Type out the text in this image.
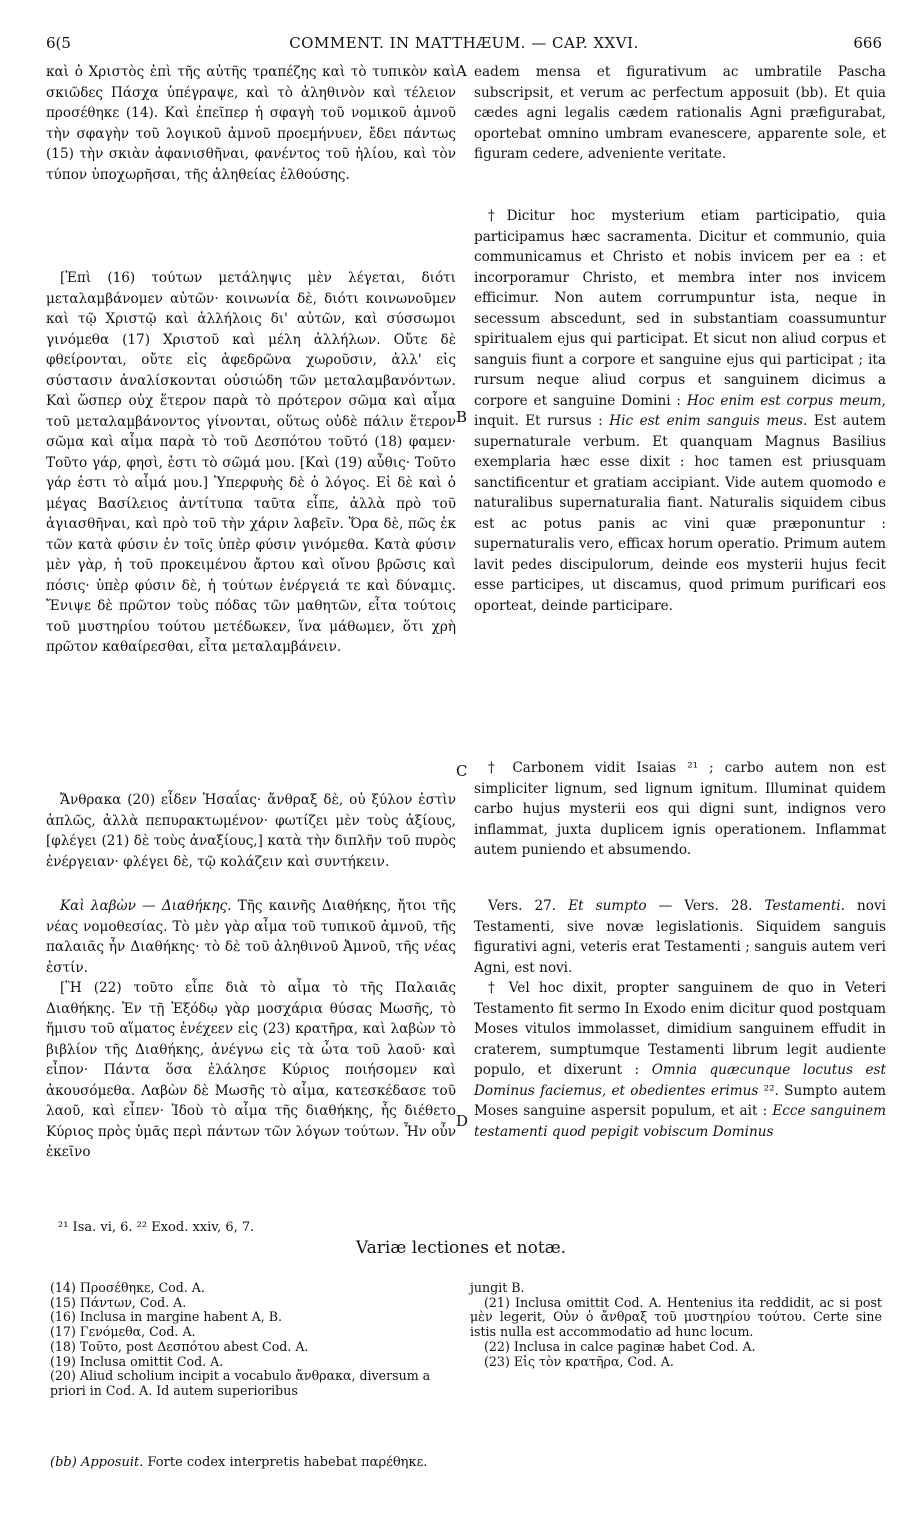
6(5	COMMENT. IN MATTHÆUM. — CAP. XXVI.	666

καὶ ὁ Χριστὸς ἐπὶ τῆς αὐτῆς τραπέζης καὶ τὸ τυπικὸν καὶ σκιῶδες Πάσχα ὑπέγραψε, καὶ τὸ ἀληθινὸν καὶ τέλειον προσέθηκε (14). Καὶ ἐπεῖπερ ἡ σφαγὴ τοῦ νομικοῦ ἀμνοῦ τὴν σφαγὴν τοῦ λογικοῦ ἀμνοῦ προεμήνυεν, ἔδει πάντως (15) τὴν σκιὰν ἀφανισθῆναι, φανέντος τοῦ ἡλίου, καὶ τὸν τύπον ὑποχωρῆσαι, τῆς ἀληθείας ἐλθούσης.

[Ἐπὶ (16) τούτων μετάληψις μὲν λέγεται, διότι μεταλαμβάνομεν αὐτῶν· κοινωνία δὲ, διότι κοινωνοῦμεν καὶ τῷ Χριστῷ καὶ ἀλλήλοις δι' αὐτῶν, καὶ σύσσωμοι γινόμεθα (17) Χριστοῦ καὶ μέλη ἀλλήλων. Οὔτε δὲ φθείρονται, οὔτε εἰς ἀφεδρῶνα χωροῦσιν, ἀλλ' εἰς σύστασιν ἀναλίσκονται οὐσιώδη τῶν μεταλαμβανόντων. Καὶ ὥσπερ οὐχ ἕτερον παρὰ τὸ πρότερον σῶμα καὶ αἷμα τοῦ μεταλαμβάνοντος γίνονται, οὕτως οὐδὲ πάλιν ἕτερον σῶμα καὶ αἷμα παρὰ τὸ τοῦ Δεσπότου τοῦτό (18) φαμεν· Τοῦτο γάρ, φησὶ, ἐστι τὸ σῶμά μου. [Καὶ (19) αὖθις· Τοῦτο γάρ ἐστι τὸ αἷμά μου.] Ὑπερφυὴς δὲ ὁ λόγος. Εἰ δὲ καὶ ὁ μέγας Βασίλειος ἀντίτυπα ταῦτα εἶπε, ἀλλὰ πρὸ τοῦ ἁγιασθῆναι, καὶ πρὸ τοῦ τὴν χάριν λαβεῖν. Ὅρα δὲ, πῶς ἐκ τῶν κατὰ φύσιν ἐν τοῖς ὑπὲρ φύσιν γινόμεθα. Κατὰ φύσιν μὲν γὰρ, ἡ τοῦ προκειμένου ἄρτου καὶ οἴνου βρῶσις καὶ πόσις· ὑπὲρ φύσιν δὲ, ἡ τούτων ἐνέργειά τε καὶ δύναμις. Ἔνιψε δὲ πρῶτον τοὺς πόδας τῶν μαθητῶν, εἶτα τούτοις τοῦ μυστηρίου τούτου μετέδωκεν, ἵνα μάθωμεν, ὅτι χρὴ πρῶτον καθαίρεσθαι, εἶτα μεταλαμβάνειν.

Ἄνθρακα (20) εἶδεν Ἡσαΐας· ἄνθραξ δὲ, οὐ ξύλον ἐστὶν ἁπλῶς, ἀλλὰ πεπυρακτωμένον· φωτίζει μὲν τοὺς ἀξίους, [φλέγει (21) δὲ τοὺς ἀναξίους,] κατὰ τὴν διπλῆν τοῦ πυρὸς ἐνέργειαν· φλέγει δὲ, τῷ κολάζειν καὶ συντήκειν.

Καὶ λαβὼν — Διαθήκης. Τῆς καινῆς Διαθήκης, ἤτοι τῆς νέας νομοθεσίας. Τὸ μὲν γὰρ αἷμα τοῦ τυπικοῦ ἀμνοῦ, τῆς παλαιᾶς ἦν Διαθήκης· τὸ δὲ τοῦ ἀληθινοῦ Ἀμνοῦ, τῆς νέας ἐστίν.

[Ἢ (22) τοῦτο εἶπε διὰ τὸ αἷμα τὸ τῆς Παλαιᾶς Διαθήκης. Ἐν τῇ Ἐξόδῳ γὰρ μοσχάρια θύσας Μωσῆς, τὸ ἥμισυ τοῦ αἵματος ἐνέχεεν εἰς (23) κρατῆρα, καὶ λαβὼν τὸ βιβλίον τῆς Διαθήκης, ἀνέγνω εἰς τὰ ὦτα τοῦ λαοῦ· καὶ εἶπον· Πάντα ὅσα ἐλάλησε Κύριος ποιήσομεν καὶ ἀκουσόμεθα. Λαβὼν δὲ Μωσῆς τὸ αἷμα, κατεσκέδασε τοῦ λαοῦ, καὶ εἶπεν· Ἰδοὺ τὸ αἷμα τῆς διαθήκης, ἧς διέθετο Κύριος πρὸς ὑμᾶς περὶ πάντων τῶν λόγων τούτων. Ἦν οὖν ἐκεῖνο

A
B
C
D

eadem mensa et figurativum ac umbratile Pascha subscripsit, et verum ac perfectum apposuit (bb). Et quia cædes agni legalis cædem rationalis Agni præfigurabat, oportebat omnino umbram evanescere, apparente sole, et figuram cedere, adveniente veritate.

†Dicitur hoc mysterium etiam participatio, quia participamus hæc sacramenta. Dicitur et communio, quia communicamus et Christo et nobis invicem per ea : et incorporamur Christo, et membra inter nos invicem efficimur. Non autem corrumpuntur ista, neque in secessum abscedunt, sed in substantiam coassumuntur spiritualem ejus qui participat. Et sicut non aliud corpus et sanguis fiunt a corpore et sanguine ejus qui participat ; ita rursum neque aliud corpus et sanguinem dicimus a corpore et sanguine Domini : Hoc enim est corpus meum, inquit. Et rursus : Hic est enim sanguis meus. Est autem supernaturale verbum. Et quanquam Magnus Basilius exemplaria hæc esse dixit : hoc tamen est priusquam sanctificentur et gratiam accipiant. Vide autem quomodo e naturalibus supernaturalia fiant. Naturalis siquidem cibus est ac potus panis ac vini quæ præponuntur : supernaturalis vero, efficax horum operatio. Primum autem lavit pedes discipulorum, deinde eos mysterii hujus fecit esse participes, ut discamus, quod primum purificari eos oporteat, deinde participare.

† Carbonem vidit Isaias ²¹ ; carbo autem non est simpliciter lignum, sed lignum ignitum. Illuminat quidem carbo hujus mysterii eos qui digni sunt, indignos vero inflammat, juxta duplicem ignis operationem. Inflammat autem puniendo et absumendo.

Vers. 27. Et sumpto — Vers. 28. Testamenti. novi Testamenti, sive novæ legislationis. Siquidem sanguis figurativi agni, veteris erat Testamenti ; sanguis autem veri Agni, est novi.

† Vel hoc dixit, propter sanguinem de quo in Veteri Testamento fit sermo In Exodo enim dicitur quod postquam Moses vitulos immolasset, dimidium sanguinem effudit in craterem, sumptumque Testamenti librum legit audiente populo, et dixerunt : Omnia quæcunque locutus est Dominus faciemus, et obedientes erimus ²². Sumpto autem Moses sanguine aspersit populum, et ait : Ecce sanguinem testamenti quod pepigit vobiscum Dominus

²¹ Isa. vi, 6. ²² Exod. xxiv, 6, 7.
Variæ lectiones et notæ.
(14) Προσέθηκε, Cod. A.
(15) Πάντων, Cod. A.
(16) Inclusa in margine habent A, B.
(17) Γενόμεθα, Cod. A.
(18) Τοῦτο, post Δεσπότου abest Cod. A.
(19) Inclusa omittit Cod. A.
(20) Aliud scholium incipit a vocabulo ἄνθρακα, diversum a priori in Cod. A. Id autem superioribus
jungit B.
(21) Inclusa omittit Cod. A. Hentenius ita reddidit, ac si post μὲν legerit, Οὐν ὁ ἄνθραξ τοῦ μυστηρίου τούτου. Certe sine istis nulla est accommodatio ad hunc locum.
(22) Inclusa in calce paginæ habet Cod. A.
(23) Εἰς τὸν κρατῆρα, Cod. A.
(bb) Apposuit. Forte codex interpretis habebat παρέθηκε.
